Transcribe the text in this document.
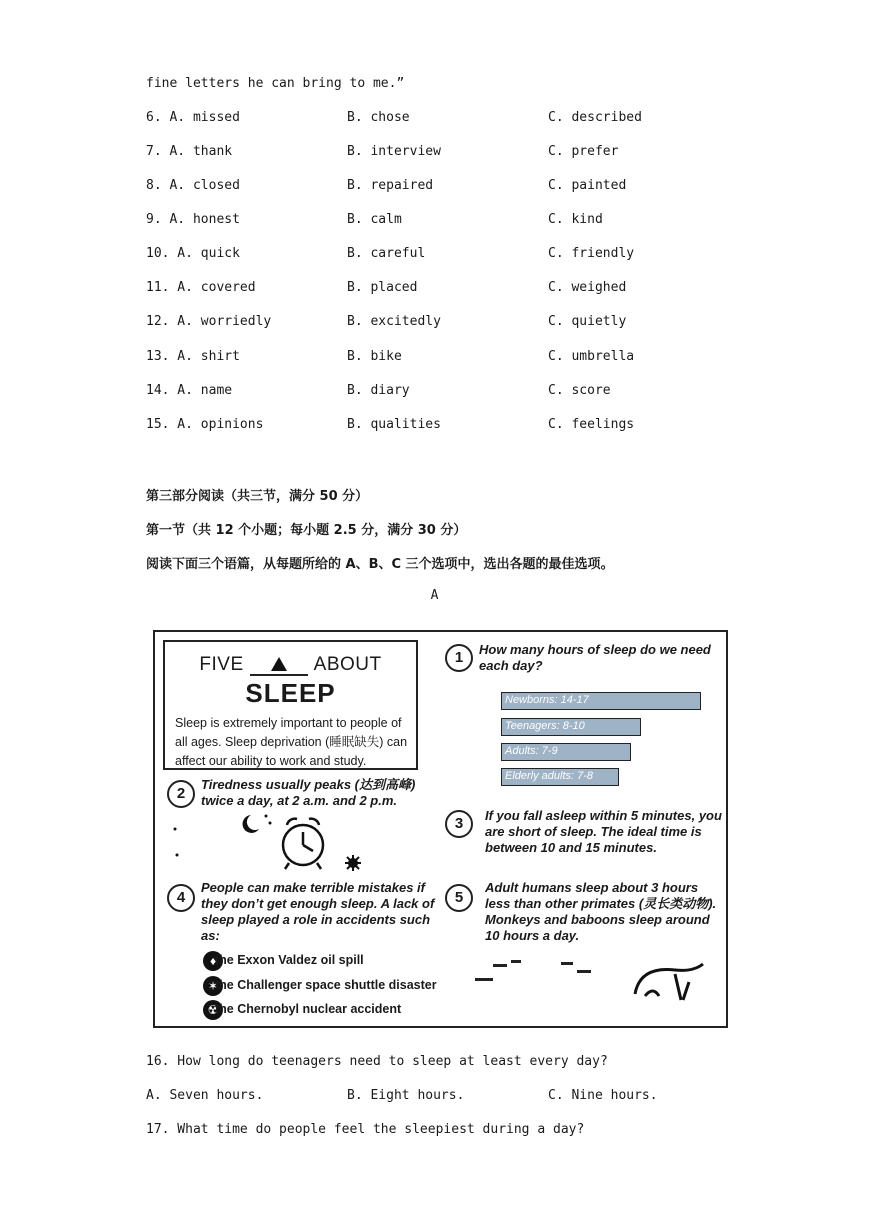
fine letters he can bring to me.”
6. A. missed	B. chose	C. described
7. A. thank	B. interview	C. prefer
8. A. closed	B. repaired	C. painted
9. A. honest	B. calm	C. kind
10. A. quick	B. careful	C. friendly
11. A. covered	B. placed	C. weighed
12. A. worriedly	B. excitedly	C. quietly
13. A. shirt	B. bike	C. umbrella
14. A. name	B. diary	C. score
15. A. opinions	B. qualities	C. feelings
第三部分阅读（共三节，满分 50 分）
第一节（共 12 个小题；每小题 2.5 分，满分 30 分）
阅读下面三个语篇，从每题所给的 A、B、C 三个选项中，选出各题的最佳选项。
A
FIVE	ABOUT
SLEEP
Sleep is extremely important to people of all ages. Sleep deprivation (睡眠缺失) can affect our ability to work and study.
1	How many hours of sleep do we need each day?
Newborns: 14-17
Teenagers: 8-10
Adults: 7-9
Elderly adults: 7-8
2
Tiredness usually peaks (达到高峰) twice a day, at 2 a.m. and 2 p.m.
3	If you fall asleep within 5 minutes, you are short of sleep. The ideal time is between 10 and 15 minutes.
4
People can make terrible mistakes if they don’t get enough sleep. A lack of sleep played a role in accidents such as:
♦
the Exxon Valdez oil spill
✶
the Challenger space shuttle disaster
☢
the Chernobyl nuclear accident
5
Adult humans sleep about 3 hours less than other primates (灵长类动物). Monkeys and baboons sleep around 10 hours a day.
16. How long do teenagers need to sleep at least every day?
A. Seven hours.	B. Eight hours.	C. Nine hours.
17. What time do people feel the sleepiest during a day?
